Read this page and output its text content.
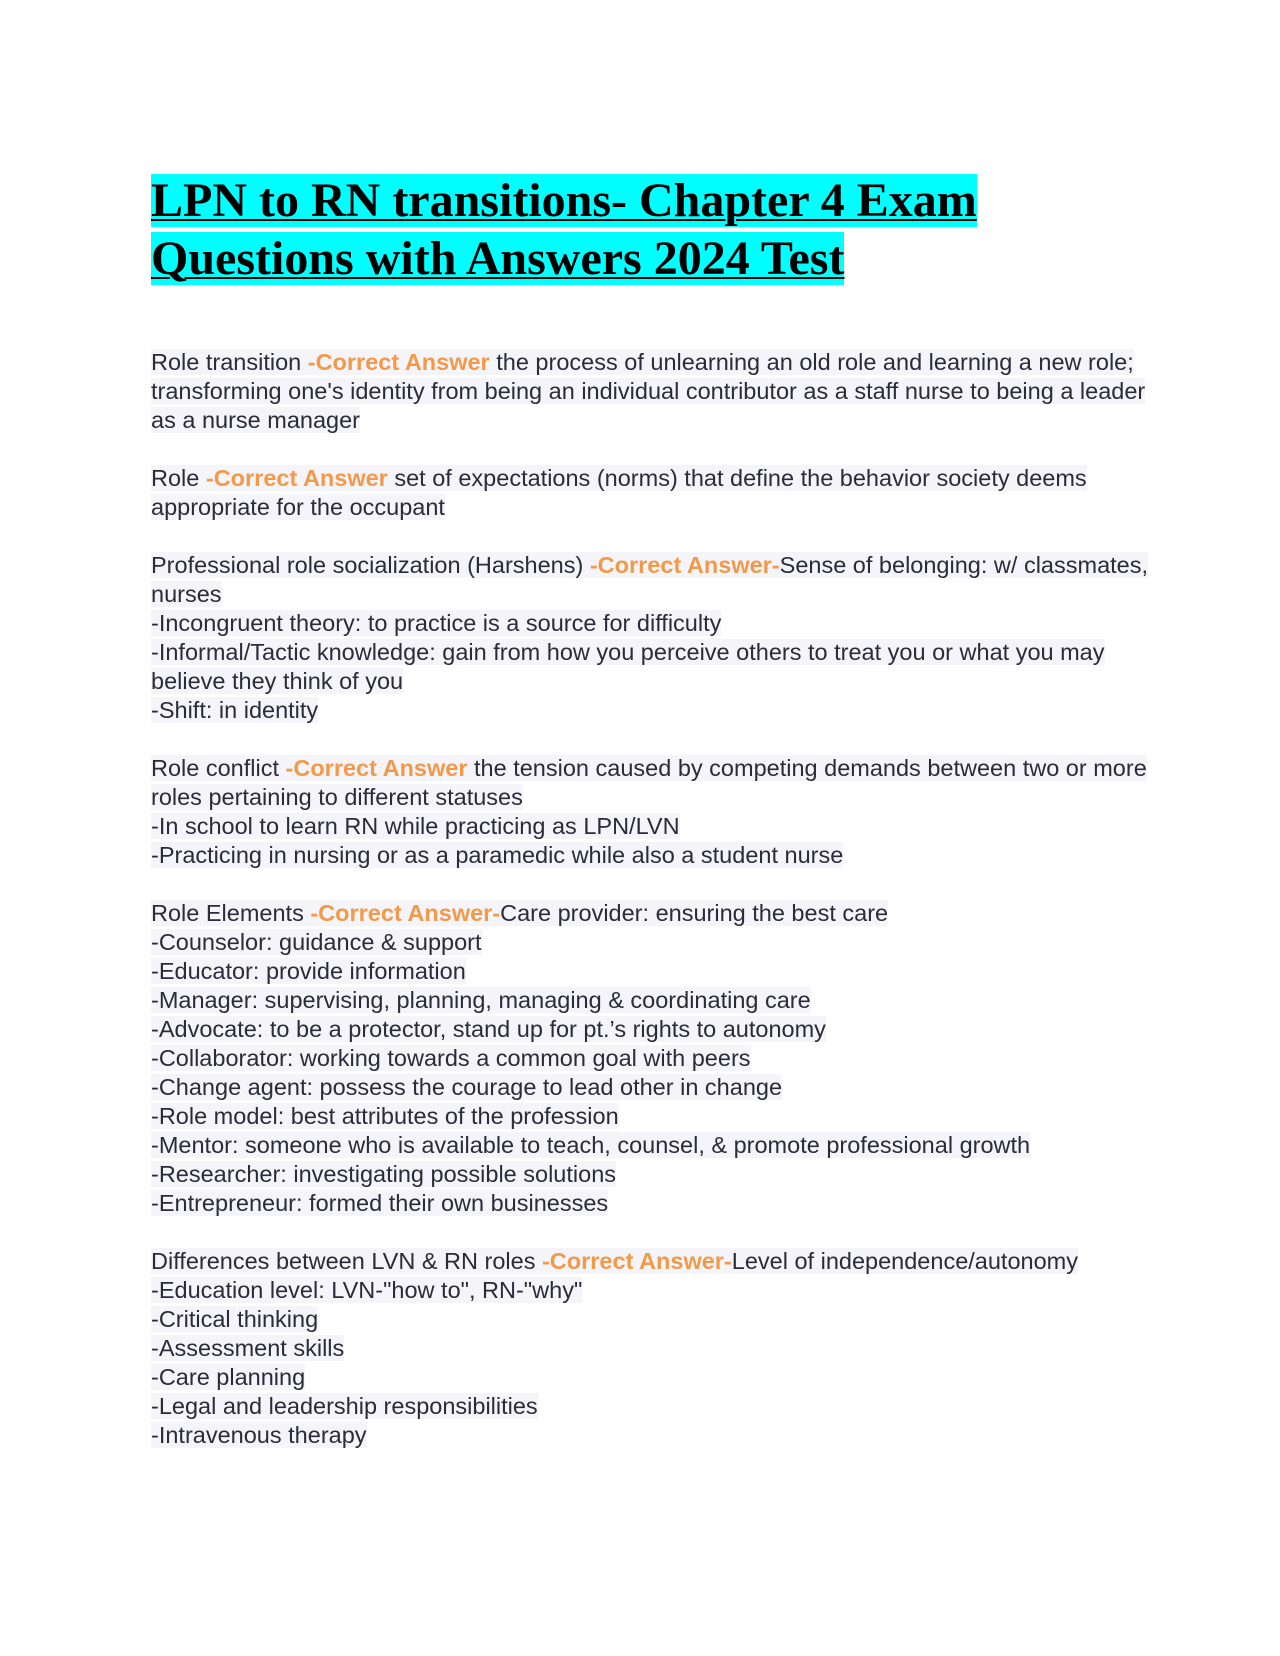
LPN to RN transitions- Chapter 4 Exam
Questions with Answers 2024 Test
Role transition -Correct Answer the process of unlearning an old role and learning a new role; transforming one's identity from being an individual contributor as a staff nurse to being a leader as a nurse manager
Role -Correct Answer set of expectations (norms) that define the behavior society deems appropriate for the occupant
Professional role socialization (Harshens) -Correct Answer-Sense of belonging: w/ classmates, nurses
-Incongruent theory: to practice is a source for difficulty
-Informal/Tactic knowledge: gain from how you perceive others to treat you or what you may believe they think of you
-Shift: in identity
Role conflict -Correct Answer the tension caused by competing demands between two or more roles pertaining to different statuses
-In school to learn RN while practicing as LPN/LVN
-Practicing in nursing or as a paramedic while also a student nurse
Role Elements -Correct Answer-Care provider: ensuring the best care
-Counselor: guidance & support
-Educator: provide information
-Manager: supervising, planning, managing & coordinating care
-Advocate: to be a protector, stand up for pt.’s rights to autonomy
-Collaborator: working towards a common goal with peers
-Change agent: possess the courage to lead other in change
-Role model: best attributes of the profession
-Mentor: someone who is available to teach, counsel, & promote professional growth
-Researcher: investigating possible solutions
-Entrepreneur: formed their own businesses
Differences between LVN & RN roles -Correct Answer-Level of independence/autonomy
-Education level: LVN-"how to", RN-"why"
-Critical thinking
-Assessment skills
-Care planning
-Legal and leadership responsibilities
-Intravenous therapy
